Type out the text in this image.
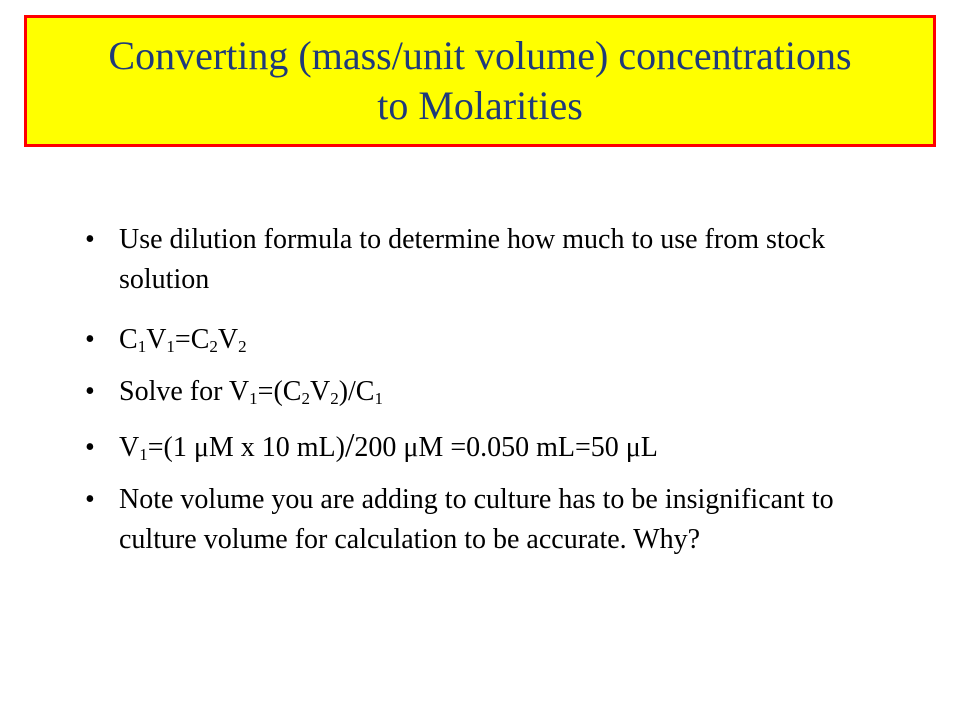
Converting (mass/unit volume) concentrations
to Molarities
• Use dilution formula to determine how much to use from stock solution
• $C_1V_1=C_2V_2$
• Solve for $V_1=(C_2V_2)/C_1$
• $V_1=(1$ μM x 10 mL)/200 μM =0.050 mL=50 μL
• Note volume you are adding to culture has to be insignificant to culture volume for calculation to be accurate. Why?
